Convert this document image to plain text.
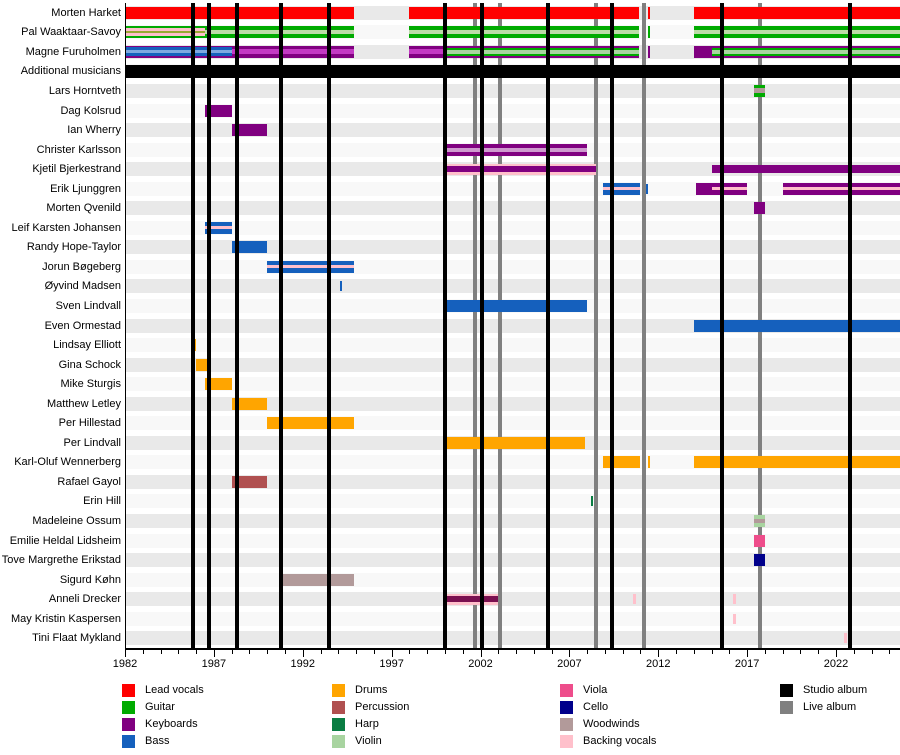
Morten Harket
Pal Waaktaar-Savoy
Magne Furuholmen
Additional musicians
Lars Horntveth
Dag Kolsrud
Ian Wherry
Christer Karlsson
Kjetil Bjerkestrand
Erik Ljunggren
Morten Qvenild
Leif Karsten Johansen
Randy Hope-Taylor
Jorun Bøgeberg
Øyvind Madsen
Sven Lindvall
Even Ormestad
Lindsay Elliott
Gina Schock
Mike Sturgis
Matthew Letley
Per Hillestad
Per Lindvall
Karl-Oluf Wennerberg
Rafael Gayol
Erin Hill
Madeleine Ossum
Emilie Heldal Lidsheim
Tove Margrethe Erikstad
Sigurd Køhn
Anneli Drecker
May Kristin Kaspersen
Tini Flaat Mykland
1982	1987	1992	1997	2002	2007	2012	2017	2022
Lead vocals
Guitar
Keyboards
Bass
Drums
Percussion
Harp
Violin
Viola
Cello
Woodwinds
Backing vocals
Studio album
Live album
